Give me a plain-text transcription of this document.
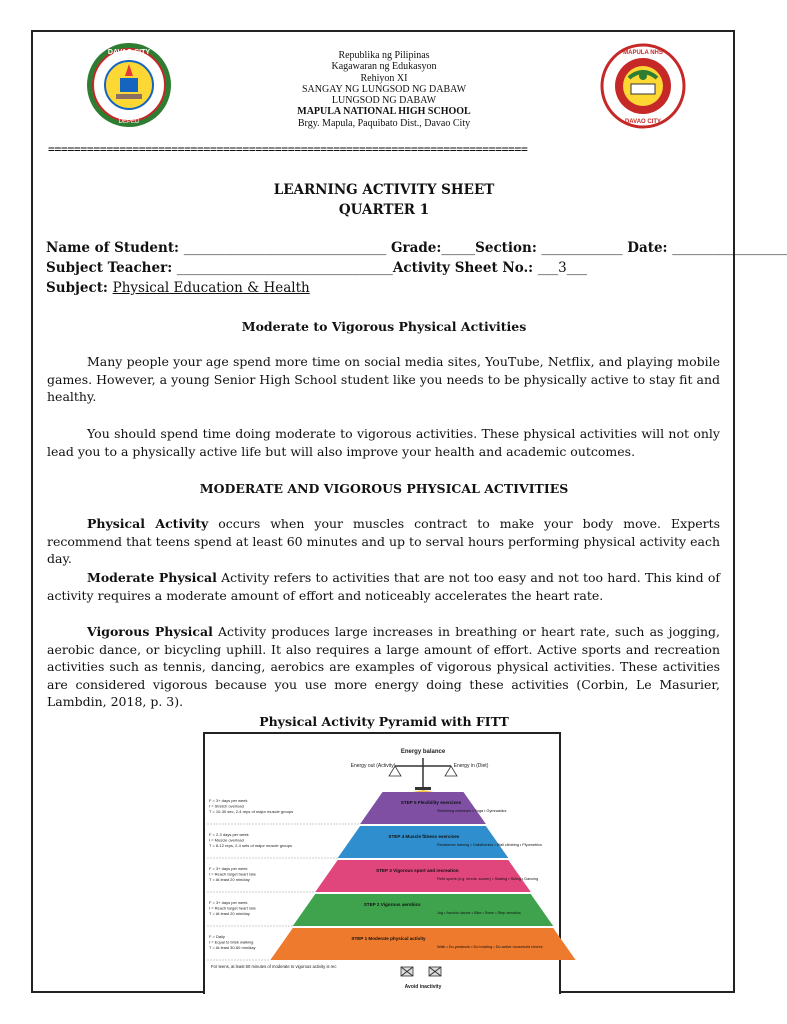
DAVAO CITY
DEPED
MAPULA NHS
DAVAO CITY
Republika ng Pilipinas
Kagawaran ng Edukasyon
Rehiyon XI
SANGAY NG LUNGSOD NG DABAW
LUNGSOD NG DABAW
MAPULA NATIONAL HIGH SCHOOL
Brgy. Mapula, Paquibato Dist., Davao City
==========================================================================
LEARNING ACTIVITY SHEET
QUARTER 1
Name of Student: ______________________________ Grade:_____Section: ____________ Date: _________________
Subject Teacher: ________________________________Activity Sheet No.: ___3___
Subject: Physical Education & Health
Moderate to Vigorous Physical Activities

Many people your age spend more time on social media sites, YouTube, Netflix, and playing mobile games. However, a young Senior High School student like you needs to be physically active to stay fit and healthy.

You should spend time doing moderate to vigorous activities. These physical activities will not only lead you to a physically active life but will also improve your health and academic outcomes.

MODERATE AND VIGOROUS PHYSICAL ACTIVITIES

Physical Activity occurs when your muscles contract to make your body move. Experts recommend that teens spend at least 60 minutes and up to serval hours performing physical activity each day.

Moderate Physical Activity refers to activities that are not too easy and not too hard. This kind of activity requires a moderate amount of effort and noticeably accelerates the heart rate.

Vigorous Physical Activity produces large increases in breathing or heart rate, such as jogging, aerobic dance, or bicycling uphill. It also requires a large amount of effort. Active sports and recreation activities such as tennis, dancing, aerobics are examples of vigorous physical activities. These activities are considered vigorous because you use more energy doing these activities (Corbin, Le Masurier, Lambdin, 2018, p. 3).

Physical Activity Pyramid with FITT
Energy balance
Energy out (Activity)	Energy in (Diet)
STEP 5 Flexibility exercises
Stretching exercises • Yoga • Gymnastics
STEP 4 Muscle fitness exercises
Resistance training • Calisthenics • Wall climbing • Plyometrics
STEP 3 Vigorous sport and recreation
Field sports (e.g. tennis, soccer) • Skating • Skiing • Dancing
STEP 2 Vigorous aerobics
Jog • Aerobic dance • Bike • Swim • Step aerobics
STEP 1 Moderate physical activity
Walk • Do yardwork • Do bowling • Do active household chores
F = 3+ days per week
I = Stretch overload
T = 10-30 sec, 2-4 reps of major muscle groups
F = 2-3 days per week
I = Muscle overload
T = 8-12 reps, 2-4 sets of major muscle groups
F = 3+ days per week
I = Reach target heart rate
T = At least 20 min/day
F = 3+ days per week
I = Reach target heart rate
T = At least 20 min/day
F = Daily
I = Equal to brisk walking
T = At least 30-60 min/day
For teens, at least 60 minutes of moderate to vigorous activity is rec
Avoid inactivity
